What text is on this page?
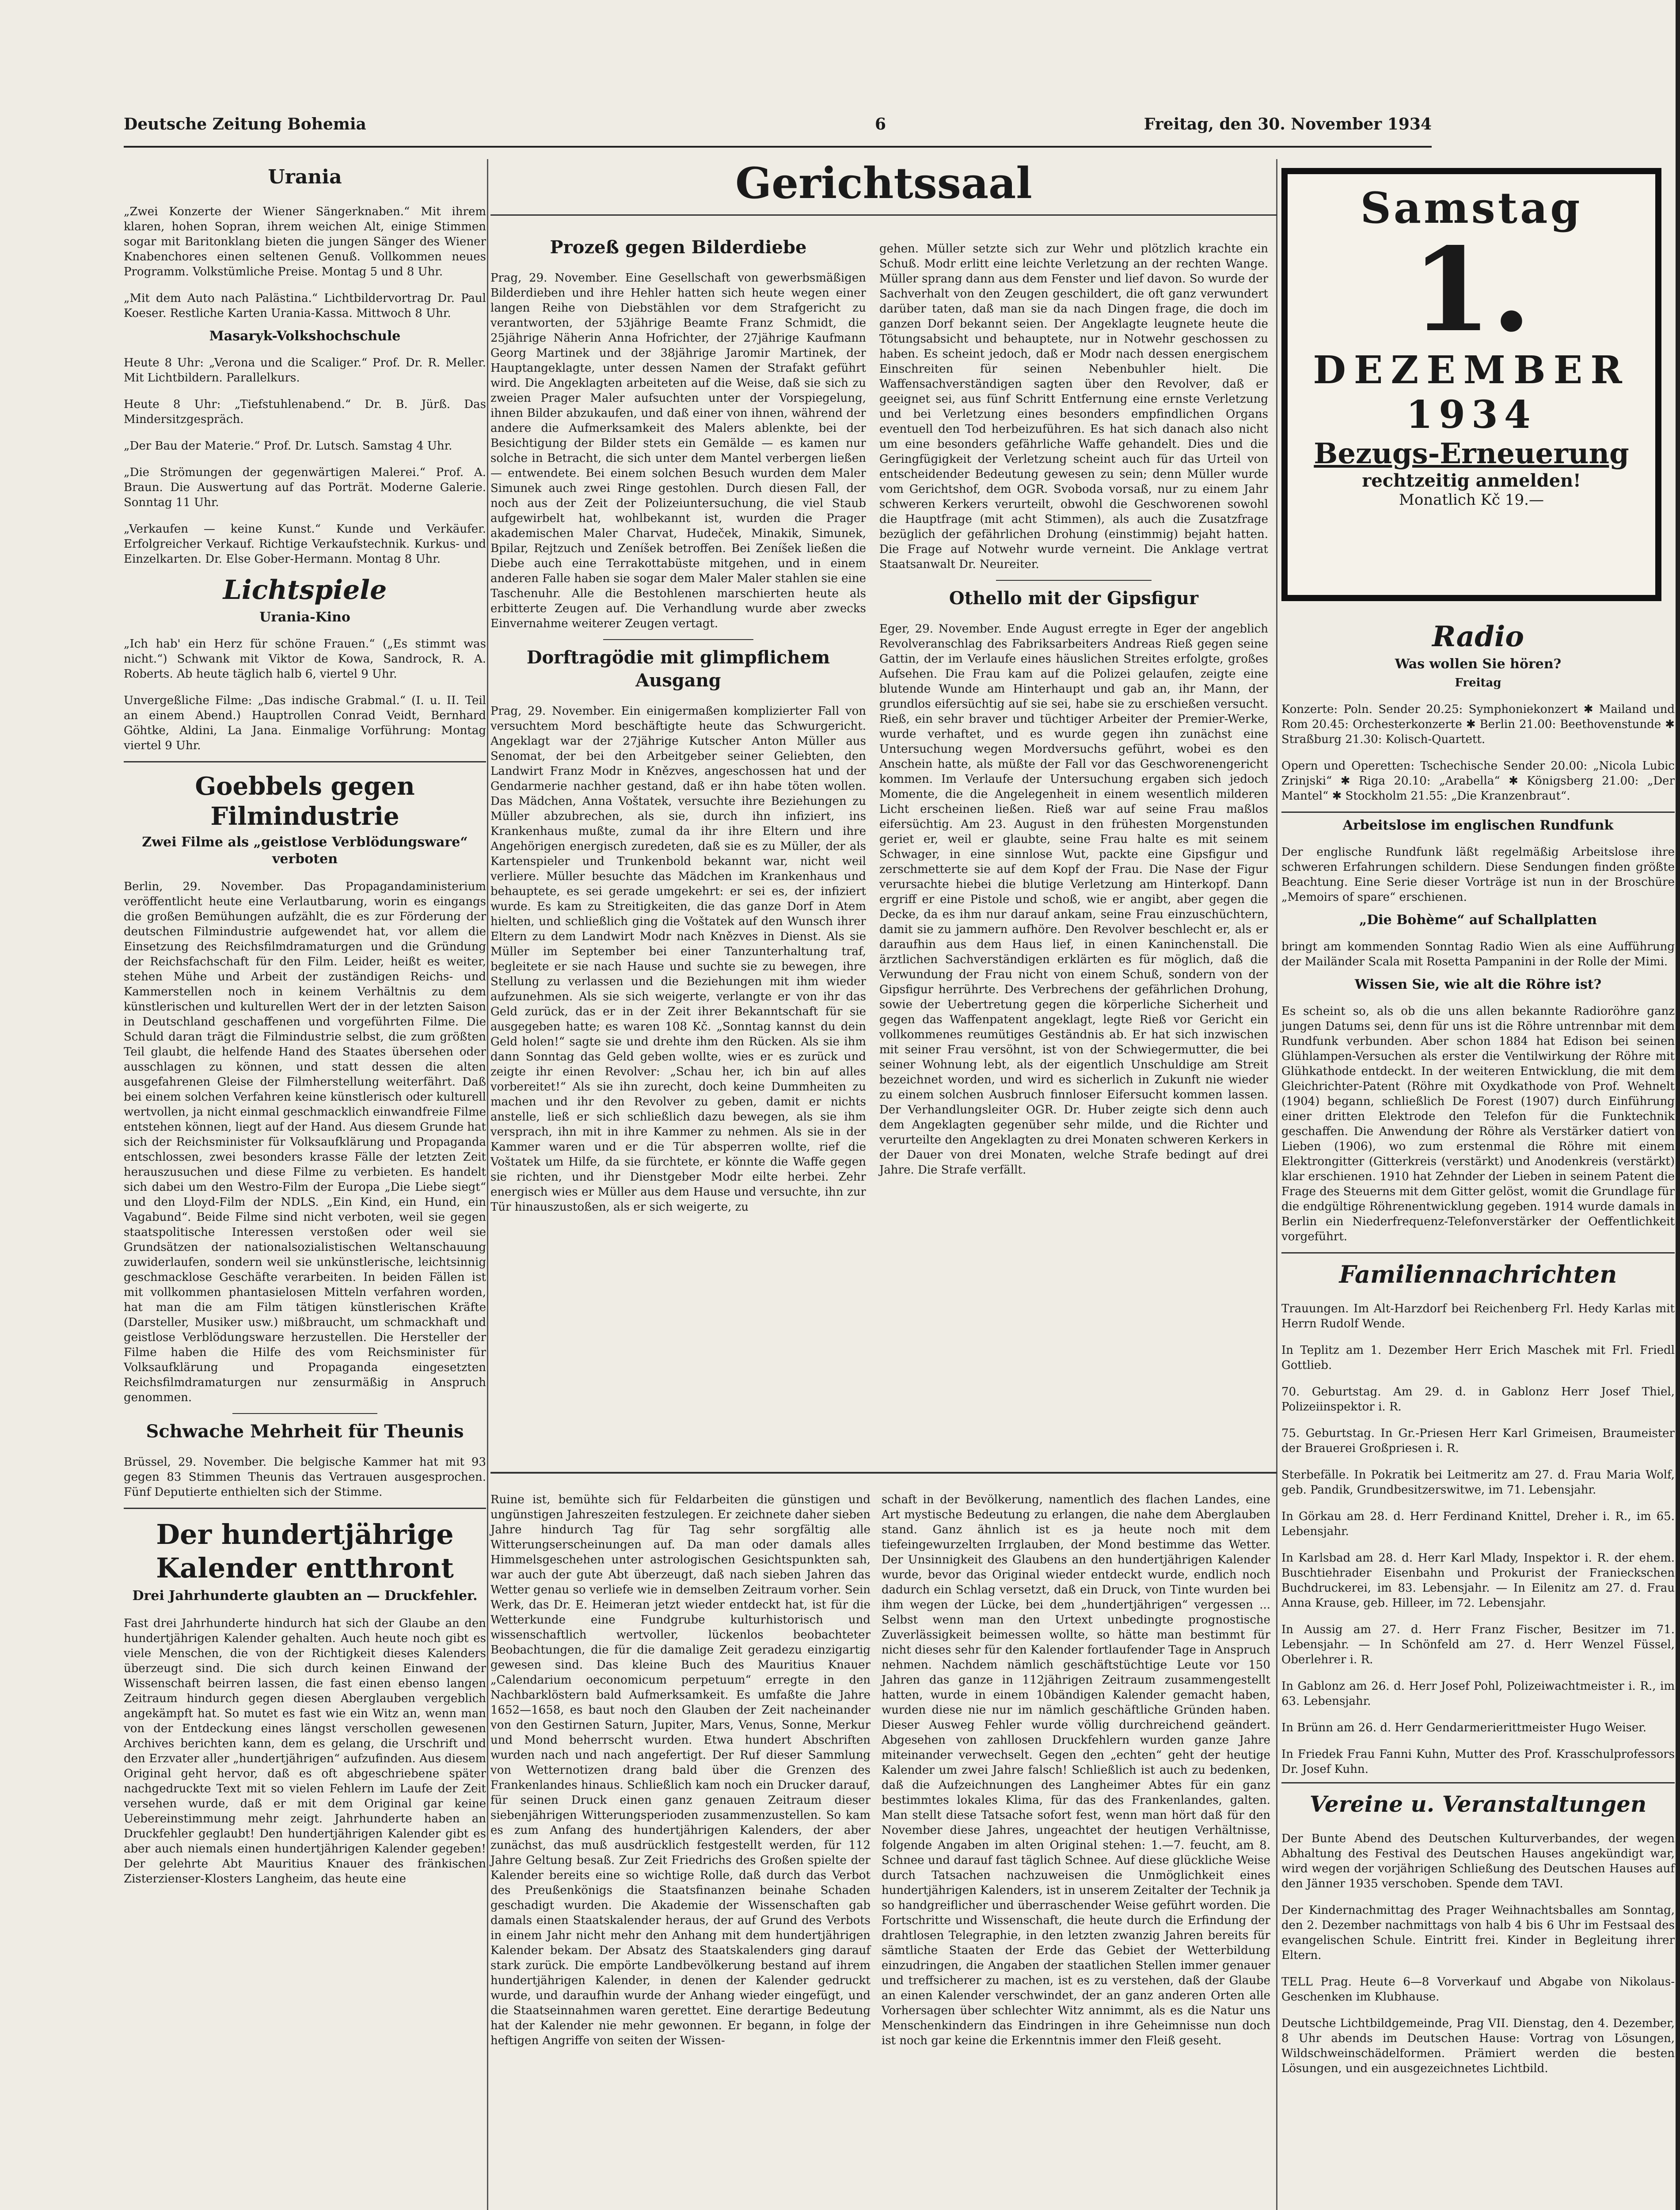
Deutsche Zeitung Bohemia	6	Freitag, den 30. November 1934
Urania

„Zwei Konzerte der Wiener Sängerknaben.“ Mit ihrem klaren, hohen Sopran, ihrem weichen Alt, einige Stimmen sogar mit Baritonklang bieten die jungen Sänger des Wiener Knabenchores einen seltenen Genuß. Vollkommen neues Programm. Volkstümliche Preise. Montag 5 und 8 Uhr.

„Mit dem Auto nach Palästina.“ Lichtbildervortrag Dr. Paul Koeser. Restliche Karten Urania-Kassa. Mittwoch 8 Uhr.

Masaryk-Volkshochschule

Heute 8 Uhr: „Verona und die Scaliger.“ Prof. Dr. R. Meller. Mit Lichtbildern. Parallelkurs.

Heute 8 Uhr: „Tiefstuhlenabend.“ Dr. B. Jürß. Das Mindersitzgespräch.

„Der Bau der Materie.“ Prof. Dr. Lutsch. Samstag 4 Uhr.

„Die Strömungen der gegenwärtigen Malerei.“ Prof. A. Braun. Die Auswertung auf das Porträt. Moderne Galerie. Sonntag 11 Uhr.

„Verkaufen — keine Kunst.“ Kunde und Verkäufer. Erfolgreicher Verkauf. Richtige Verkaufstechnik. Kurkus- und Einzelkarten. Dr. Else Gober-Hermann. Montag 8 Uhr.

Lichtspiele
Urania-Kino

„Ich hab' ein Herz für schöne Frauen.“ („Es stimmt was nicht.“) Schwank mit Viktor de Kowa, Sandrock, R. A. Roberts. Ab heute täglich halb 6, viertel 9 Uhr.

Unvergeßliche Filme: „Das indische Grabmal.“ (I. u. II. Teil an einem Abend.) Hauptrollen Conrad Veidt, Bernhard Göhtke, Aldini, La Jana. Einmalige Vorführung: Montag viertel 9 Uhr.

Goebbels gegen Filmindustrie
Zwei Filme als „geistlose Verblödungsware“ verboten

Berlin, 29. November. Das Propagandaministerium veröffentlicht heute eine Verlautbarung, worin es eingangs die großen Bemühungen aufzählt, die es zur Förderung der deutschen Filmindustrie aufgewendet hat, vor allem die Einsetzung des Reichsfilmdramaturgen und die Gründung der Reichsfachschaft für den Film. Leider, heißt es weiter, stehen Mühe und Arbeit der zuständigen Reichs- und Kammerstellen noch in keinem Verhältnis zu dem künstlerischen und kulturellen Wert der in der letzten Saison in Deutschland geschaffenen und vorgeführten Filme. Die Schuld daran trägt die Filmindustrie selbst, die zum größten Teil glaubt, die helfende Hand des Staates übersehen oder ausschlagen zu können, und statt dessen die alten ausgefahrenen Gleise der Filmherstellung weiterfährt. Daß bei einem solchen Verfahren keine künstlerisch oder kulturell wertvollen, ja nicht einmal geschmacklich einwandfreie Filme entstehen können, liegt auf der Hand. Aus diesem Grunde hat sich der Reichsminister für Volksaufklärung und Propaganda entschlossen, zwei besonders krasse Fälle der letzten Zeit herauszusuchen und diese Filme zu verbieten. Es handelt sich dabei um den Westro-Film der Europa „Die Liebe siegt“ und den Lloyd-Film der NDLS. „Ein Kind, ein Hund, ein Vagabund“. Beide Filme sind nicht verboten, weil sie gegen staatspolitische Interessen verstoßen oder weil sie Grundsätzen der nationalsozialistischen Weltanschauung zuwiderlaufen, sondern weil sie unkünstlerische, leichtsinnig geschmacklose Geschäfte verarbeiten. In beiden Fällen ist mit vollkommen phantasielosen Mitteln verfahren worden, hat man die am Film tätigen künstlerischen Kräfte (Darsteller, Musiker usw.) mißbraucht, um schmackhaft und geistlose Verblödungsware herzustellen. Die Hersteller der Filme haben die Hilfe des vom Reichsminister für Volksaufklärung und Propaganda eingesetzten Reichsfilmdramaturgen nur zensurmäßig in Anspruch genommen.

Schwache Mehrheit für Theunis

Brüssel, 29. November. Die belgische Kammer hat mit 93 gegen 83 Stimmen Theunis das Vertrauen ausgesprochen. Fünf Deputierte enthielten sich der Stimme.

Der hundertjährige Kalender entthront
Drei Jahrhunderte glaubten an — Druckfehler.

Fast drei Jahrhunderte hindurch hat sich der Glaube an den hundertjährigen Kalender gehalten. Auch heute noch gibt es viele Menschen, die von der Richtigkeit dieses Kalenders überzeugt sind. Die sich durch keinen Einwand der Wissenschaft beirren lassen, die fast einen ebenso langen Zeitraum hindurch gegen diesen Aberglauben vergeblich angekämpft hat. So mutet es fast wie ein Witz an, wenn man von der Entdeckung eines längst verschollen gewesenen Archives berichten kann, dem es gelang, die Urschrift und den Erzvater aller „hundertjährigen“ aufzufinden. Aus diesem Original geht hervor, daß es oft abgeschriebene später nachgedruckte Text mit so vielen Fehlern im Laufe der Zeit versehen wurde, daß er mit dem Original gar keine Uebereinstimmung mehr zeigt. Jahrhunderte haben an Druckfehler geglaubt! Den hundertjährigen Kalender gibt es aber auch niemals einen hundertjährigen Kalender gegeben! Der gelehrte Abt Mauritius Knauer des fränkischen Zisterzienser-Klosters Langheim, das heute eine

Gerichtssaal
Prozeß gegen Bilderdiebe

Prag, 29. November. Eine Gesellschaft von gewerbsmäßigen Bilderdieben und ihre Hehler hatten sich heute wegen einer langen Reihe von Diebstählen vor dem Strafgericht zu verantworten, der 53jährige Beamte Franz Schmidt, die 25jährige Näherin Anna Hofrichter, der 27jährige Kaufmann Georg Martinek und der 38jährige Jaromir Martinek, der Hauptangeklagte, unter dessen Namen der Strafakt geführt wird. Die Angeklagten arbeiteten auf die Weise, daß sie sich zu zweien Prager Maler aufsuchten unter der Vorspiegelung, ihnen Bilder abzukaufen, und daß einer von ihnen, während der andere die Aufmerksamkeit des Malers ablenkte, bei der Besichtigung der Bilder stets ein Gemälde — es kamen nur solche in Betracht, die sich unter dem Mantel verbergen ließen — entwendete. Bei einem solchen Besuch wurden dem Maler Simunek auch zwei Ringe gestohlen. Durch diesen Fall, der noch aus der Zeit der Polizeiuntersuchung, die viel Staub aufgewirbelt hat, wohlbekannt ist, wurden die Prager akademischen Maler Charvat, Hudeček, Minakik, Simunek, Bpilar, Rejtzuch und Zeníšek betroffen. Bei Zeníšek ließen die Diebe auch eine Terrakottabüste mitgehen, und in einem anderen Falle haben sie sogar dem Maler Maler stahlen sie eine Taschenuhr. Alle die Bestohlenen marschierten heute als erbitterte Zeugen auf. Die Verhandlung wurde aber zwecks Einvernahme weiterer Zeugen vertagt.

Dorftragödie mit glimpflichem Ausgang

Prag, 29. November. Ein einigermaßen komplizierter Fall von versuchtem Mord beschäftigte heute das Schwurgericht. Angeklagt war der 27jährige Kutscher Anton Müller aus Senomat, der bei den Arbeitgeber seiner Geliebten, den Landwirt Franz Modr in Knězves, angeschossen hat und der Gendarmerie nachher gestand, daß er ihn habe töten wollen. Das Mädchen, Anna Voštatek, versuchte ihre Beziehungen zu Müller abzubrechen, als sie, durch ihn infiziert, ins Krankenhaus mußte, zumal da ihr ihre Eltern und ihre Angehörigen energisch zuredeten, daß sie es zu Müller, der als Kartenspieler und Trunkenbold bekannt war, nicht weil verliere. Müller besuchte das Mädchen im Krankenhaus und behauptete, es sei gerade umgekehrt: er sei es, der infiziert wurde. Es kam zu Streitigkeiten, die das ganze Dorf in Atem hielten, und schließlich ging die Voštatek auf den Wunsch ihrer Eltern zu dem Landwirt Modr nach Knězves in Dienst. Als sie Müller im September bei einer Tanzunterhaltung traf, begleitete er sie nach Hause und suchte sie zu bewegen, ihre Stellung zu verlassen und die Beziehungen mit ihm wieder aufzunehmen. Als sie sich weigerte, verlangte er von ihr das Geld zurück, das er in der Zeit ihrer Bekanntschaft für sie ausgegeben hatte; es waren 108 Kč. „Sonntag kannst du dein Geld holen!“ sagte sie und drehte ihm den Rücken. Als sie ihm dann Sonntag das Geld geben wollte, wies er es zurück und zeigte ihr einen Revolver: „Schau her, ich bin auf alles vorbereitet!“ Als sie ihn zurecht, doch keine Dummheiten zu machen und ihr den Revolver zu geben, damit er nichts anstelle, ließ er sich schließlich dazu bewegen, als sie ihm versprach, ihn mit in ihre Kammer zu nehmen. Als sie in der Kammer waren und er die Tür absperren wollte, rief die Voštatek um Hilfe, da sie fürchtete, er könnte die Waffe gegen sie richten, und ihr Dienstgeber Modr eilte herbei. Zehr energisch wies er Müller aus dem Hause und versuchte, ihn zur Tür hinauszustoßen, als er sich weigerte, zu

gehen. Müller setzte sich zur Wehr und plötzlich krachte ein Schuß. Modr erlitt eine leichte Verletzung an der rechten Wange. Müller sprang dann aus dem Fenster und lief davon. So wurde der Sachverhalt von den Zeugen geschildert, die oft ganz verwundert darüber taten, daß man sie da nach Dingen frage, die doch im ganzen Dorf bekannt seien. Der Angeklagte leugnete heute die Tötungsabsicht und behauptete, nur in Notwehr geschossen zu haben. Es scheint jedoch, daß er Modr nach dessen energischem Einschreiten für seinen Nebenbuhler hielt. Die Waffensachverständigen sagten über den Revolver, daß er geeignet sei, aus fünf Schritt Entfernung eine ernste Verletzung und bei Verletzung eines besonders empfindlichen Organs eventuell den Tod herbeizuführen. Es hat sich danach also nicht um eine besonders gefährliche Waffe gehandelt. Dies und die Geringfügigkeit der Verletzung scheint auch für das Urteil von entscheidender Bedeutung gewesen zu sein; denn Müller wurde vom Gerichtshof, dem OGR. Svoboda vorsaß, nur zu einem Jahr schweren Kerkers verurteilt, obwohl die Geschworenen sowohl die Hauptfrage (mit acht Stimmen), als auch die Zusatzfrage bezüglich der gefährlichen Drohung (einstimmig) bejaht hatten. Die Frage auf Notwehr wurde verneint. Die Anklage vertrat Staatsanwalt Dr. Neureiter.

Othello mit der Gipsfigur

Eger, 29. November. Ende August erregte in Eger der angeblich Revolveranschlag des Fabriksarbeiters Andreas Rieß gegen seine Gattin, der im Verlaufe eines häuslichen Streites erfolgte, großes Aufsehen. Die Frau kam auf die Polizei gelaufen, zeigte eine blutende Wunde am Hinterhaupt und gab an, ihr Mann, der grundlos eifersüchtig auf sie sei, habe sie zu erschießen versucht. Rieß, ein sehr braver und tüchtiger Arbeiter der Premier-Werke, wurde verhaftet, und es wurde gegen ihn zunächst eine Untersuchung wegen Mordversuchs geführt, wobei es den Anschein hatte, als müßte der Fall vor das Geschworenengericht kommen. Im Verlaufe der Untersuchung ergaben sich jedoch Momente, die die Angelegenheit in einem wesentlich milderen Licht erscheinen ließen. Rieß war auf seine Frau maßlos eifersüchtig. Am 23. August in den frühesten Morgenstunden geriet er, weil er glaubte, seine Frau halte es mit seinem Schwager, in eine sinnlose Wut, packte eine Gipsfigur und zerschmetterte sie auf dem Kopf der Frau. Die Nase der Figur verursachte hiebei die blutige Verletzung am Hinterkopf. Dann ergriff er eine Pistole und schoß, wie er angibt, aber gegen die Decke, da es ihm nur darauf ankam, seine Frau einzuschüchtern, damit sie zu jammern aufhöre. Den Revolver beschlecht er, als er daraufhin aus dem Haus lief, in einen Kaninchenstall. Die ärztlichen Sachverständigen erklärten es für möglich, daß die Verwundung der Frau nicht von einem Schuß, sondern von der Gipsfigur herrührte. Des Verbrechens der gefährlichen Drohung, sowie der Uebertretung gegen die körperliche Sicherheit und gegen das Waffenpatent angeklagt, legte Rieß vor Gericht ein vollkommenes reumütiges Geständnis ab. Er hat sich inzwischen mit seiner Frau versöhnt, ist von der Schwiegermutter, die bei seiner Wohnung lebt, als der eigentlich Unschuldige am Streit bezeichnet worden, und wird es sicherlich in Zukunft nie wieder zu einem solchen Ausbruch finnloser Eifersucht kommen lassen. Der Verhandlungsleiter OGR. Dr. Huber zeigte sich denn auch dem Angeklagten gegenüber sehr milde, und die Richter und verurteilte den Angeklagten zu drei Monaten schweren Kerkers in der Dauer von drei Monaten, welche Strafe bedingt auf drei Jahre. Die Strafe verfällt.

Ruine ist, bemühte sich für Feldarbeiten die günstigen und ungünstigen Jahreszeiten festzulegen. Er zeichnete daher sieben Jahre hindurch Tag für Tag sehr sorgfältig alle Witterungserscheinungen auf. Da man oder damals alles Himmelsgeschehen unter astrologischen Gesichtspunkten sah, war auch der gute Abt überzeugt, daß nach sieben Jahren das Wetter genau so verliefe wie in demselben Zeitraum vorher. Sein Werk, das Dr. E. Heimeran jetzt wieder entdeckt hat, ist für die Wetterkunde eine Fundgrube kulturhistorisch und wissenschaftlich wertvoller, lückenlos beobachteter Beobachtungen, die für die damalige Zeit geradezu einzigartig gewesen sind. Das kleine Buch des Mauritius Knauer „Calendarium oeconomicum perpetuum“ erregte in den Nachbarklöstern bald Aufmerksamkeit. Es umfaßte die Jahre 1652—1658, es baut noch den Glauben der Zeit nacheinander von den Gestirnen Saturn, Jupiter, Mars, Venus, Sonne, Merkur und Mond beherrscht wurden. Etwa hundert Abschriften wurden nach und nach angefertigt. Der Ruf dieser Sammlung von Wetternotizen drang bald über die Grenzen des Frankenlandes hinaus. Schließlich kam noch ein Drucker darauf, für seinen Druck einen ganz genauen Zeitraum dieser siebenjährigen Witterungsperioden zusammenzustellen. So kam es zum Anfang des hundertjährigen Kalenders, der aber zunächst, das muß ausdrücklich festgestellt werden, für 112 Jahre Geltung besaß. Zur Zeit Friedrichs des Großen spielte der Kalender bereits eine so wichtige Rolle, daß durch das Verbot des Preußenkönigs die Staatsfinanzen beinahe Schaden geschadigt wurden. Die Akademie der Wissenschaften gab damals einen Staatskalender heraus, der auf Grund des Verbots in einem Jahr nicht mehr den Anhang mit dem hundertjährigen Kalender bekam. Der Absatz des Staatskalenders ging darauf stark zurück. Die empörte Landbevölkerung bestand auf ihrem hundertjährigen Kalender, in denen der Kalender gedruckt wurde, und daraufhin wurde der Anhang wieder eingefügt, und die Staatseinnahmen waren gerettet. Eine derartige Bedeutung hat der Kalender nie mehr gewonnen. Er begann, in folge der heftigen Angriffe von seiten der Wissen-

schaft in der Bevölkerung, namentlich des flachen Landes, eine Art mystische Bedeutung zu erlangen, die nahe dem Aberglauben stand. Ganz ähnlich ist es ja heute noch mit dem tiefeingewurzelten Irrglauben, der Mond bestimme das Wetter. Der Unsinnigkeit des Glaubens an den hundertjährigen Kalender wurde, bevor das Original wieder entdeckt wurde, endlich noch dadurch ein Schlag versetzt, daß ein Druck, von Tinte wurden bei ihm wegen der Lücke, bei dem „hundertjährigen“ vergessen ... Selbst wenn man den Urtext unbedingte prognostische Zuverlässigkeit beimessen wollte, so hätte man bestimmt für nicht dieses sehr für den Kalender fortlaufender Tage in Anspruch nehmen. Nachdem nämlich geschäftstüchtige Leute vor 150 Jahren das ganze in 112jährigen Zeitraum zusammengestellt hatten, wurde in einem 10bändigen Kalender gemacht haben, wurden diese nie nur im nämlich geschäftliche Gründen haben. Dieser Ausweg Fehler wurde völlig durchreichend geändert. Abgesehen von zahllosen Druckfehlern wurden ganze Jahre miteinander verwechselt. Gegen den „echten“ geht der heutige Kalender um zwei Jahre falsch! Schließlich ist auch zu bedenken, daß die Aufzeichnungen des Langheimer Abtes für ein ganz bestimmtes lokales Klima, für das des Frankenlandes, galten. Man stellt diese Tatsache sofort fest, wenn man hört daß für den November diese Jahres, ungeachtet der heutigen Verhältnisse, folgende Angaben im alten Original stehen: 1.—7. feucht, am 8. Schnee und darauf fast täglich Schnee. Auf diese glückliche Weise durch Tatsachen nachzuweisen die Unmöglichkeit eines hundertjährigen Kalenders, ist in unserem Zeitalter der Technik ja so handgreiflicher und überraschender Weise geführt worden. Die Fortschritte und Wissenschaft, die heute durch die Erfindung der drahtlosen Telegraphie, in den letzten zwanzig Jahren bereits für sämtliche Staaten der Erde das Gebiet der Wetterbildung einzudringen, die Angaben der staatlichen Stellen immer genauer und treffsicherer zu machen, ist es zu verstehen, daß der Glaube an einen Kalender verschwindet, der an ganz anderen Orten alle Vorhersagen über schlechter Witz annimmt, als es die Natur uns Menschenkindern das Eindringen in ihre Geheimnisse nun doch ist noch gar keine die Erkenntnis immer den Fleiß geseht.

Samstag
1.
DEZEMBER
1934
Bezugs-Erneuerung
rechtzeitig anmelden!
Monatlich Kč 19.—
Radio
Was wollen Sie hören?
Freitag

Konzerte: Poln. Sender 20.25: Symphoniekonzert ✱ Mailand und Rom 20.45: Orchesterkonzerte ✱ Berlin 21.00: Beethovenstunde ✱ Straßburg 21.30: Kolisch-Quartett.

Opern und Operetten: Tschechische Sender 20.00: „Nicola Lubic Zrinjski“ ✱ Riga 20.10: „Arabella“ ✱ Königsberg 21.00: „Der Mantel“ ✱ Stockholm 21.55: „Die Kranzenbraut“.

Arbeitslose im englischen Rundfunk

Der englische Rundfunk läßt regelmäßig Arbeitslose ihre schweren Erfahrungen schildern. Diese Sendungen finden größte Beachtung. Eine Serie dieser Vorträge ist nun in der Broschüre „Memoirs of spare“ erschienen.

„Die Bohème“ auf Schallplatten

bringt am kommenden Sonntag Radio Wien als eine Aufführung der Mailänder Scala mit Rosetta Pampanini in der Rolle der Mimi.

Wissen Sie, wie alt die Röhre ist?

Es scheint so, als ob die uns allen bekannte Radioröhre ganz jungen Datums sei, denn für uns ist die Röhre untrennbar mit dem Rundfunk verbunden. Aber schon 1884 hat Edison bei seinen Glühlampen-Versuchen als erster die Ventilwirkung der Röhre mit Glühkathode entdeckt. In der weiteren Entwicklung, die mit dem Gleichrichter-Patent (Röhre mit Oxydkathode von Prof. Wehnelt (1904) begann, schließlich De Forest (1907) durch Einführung einer dritten Elektrode den Telefon für die Funktechnik geschaffen. Die Anwendung der Röhre als Verstärker datiert von Lieben (1906), wo zum erstenmal die Röhre mit einem Elektrongitter (Gitterkreis (verstärkt) und Anodenkreis (verstärkt) klar erschienen. 1910 hat Zehnder der Lieben in seinem Patent die Frage des Steuerns mit dem Gitter gelöst, womit die Grundlage für die endgültige Röhrenentwicklung gegeben. 1914 wurde damals in Berlin ein Niederfrequenz-Telefonverstärker der Oeffentlichkeit vorgeführt.

Familiennachrichten

Trauungen. Im Alt-Harzdorf bei Reichenberg Frl. Hedy Karlas mit Herrn Rudolf Wende.

In Teplitz am 1. Dezember Herr Erich Maschek mit Frl. Friedl Gottlieb.

70. Geburtstag. Am 29. d. in Gablonz Herr Josef Thiel, Polizeiinspektor i. R.

75. Geburtstag. In Gr.-Priesen Herr Karl Grimeisen, Braumeister der Brauerei Großpriesen i. R.

Sterbefälle. In Pokratik bei Leitmeritz am 27. d. Frau Maria Wolf, geb. Pandik, Grundbesitzerswitwe, im 71. Lebensjahr.

In Görkau am 28. d. Herr Ferdinand Knittel, Dreher i. R., im 65. Lebensjahr.

In Karlsbad am 28. d. Herr Karl Mlady, Inspektor i. R. der ehem. Buschtiehrader Eisenbahn und Prokurist der Franieckschen Buchdruckerei, im 83. Lebensjahr. — In Eilenitz am 27. d. Frau Anna Krause, geb. Hilleer, im 72. Lebensjahr.

In Aussig am 27. d. Herr Franz Fischer, Besitzer im 71. Lebensjahr. — In Schönfeld am 27. d. Herr Wenzel Füssel, Oberlehrer i. R.

In Gablonz am 26. d. Herr Josef Pohl, Polizeiwachtmeister i. R., im 63. Lebensjahr.

In Brünn am 26. d. Herr Gendarmerierittmeister Hugo Weiser.

In Friedek Frau Fanni Kuhn, Mutter des Prof. Krasschulprofessors Dr. Josef Kuhn.

Vereine u. Veranstaltungen

Der Bunte Abend des Deutschen Kulturverbandes, der wegen Abhaltung des Festival des Deutschen Hauses angekündigt war, wird wegen der vorjährigen Schließung des Deutschen Hauses auf den Jänner 1935 verschoben. Spende dem TAVI.

Der Kindernachmittag des Prager Weihnachtsballes am Sonntag, den 2. Dezember nachmittags von halb 4 bis 6 Uhr im Festsaal des evangelischen Schule. Eintritt frei. Kinder in Begleitung ihrer Eltern.

TELL Prag. Heute 6—8 Vorverkauf und Abgabe von Nikolaus-Geschenken im Klubhause.

Deutsche Lichtbildgemeinde, Prag VII. Dienstag, den 4. Dezember, 8 Uhr abends im Deutschen Hause: Vortrag von Lösungen, Wildschweinschädelformen. Prämiert werden die besten Lösungen, und ein ausgezeichnetes Lichtbild.
